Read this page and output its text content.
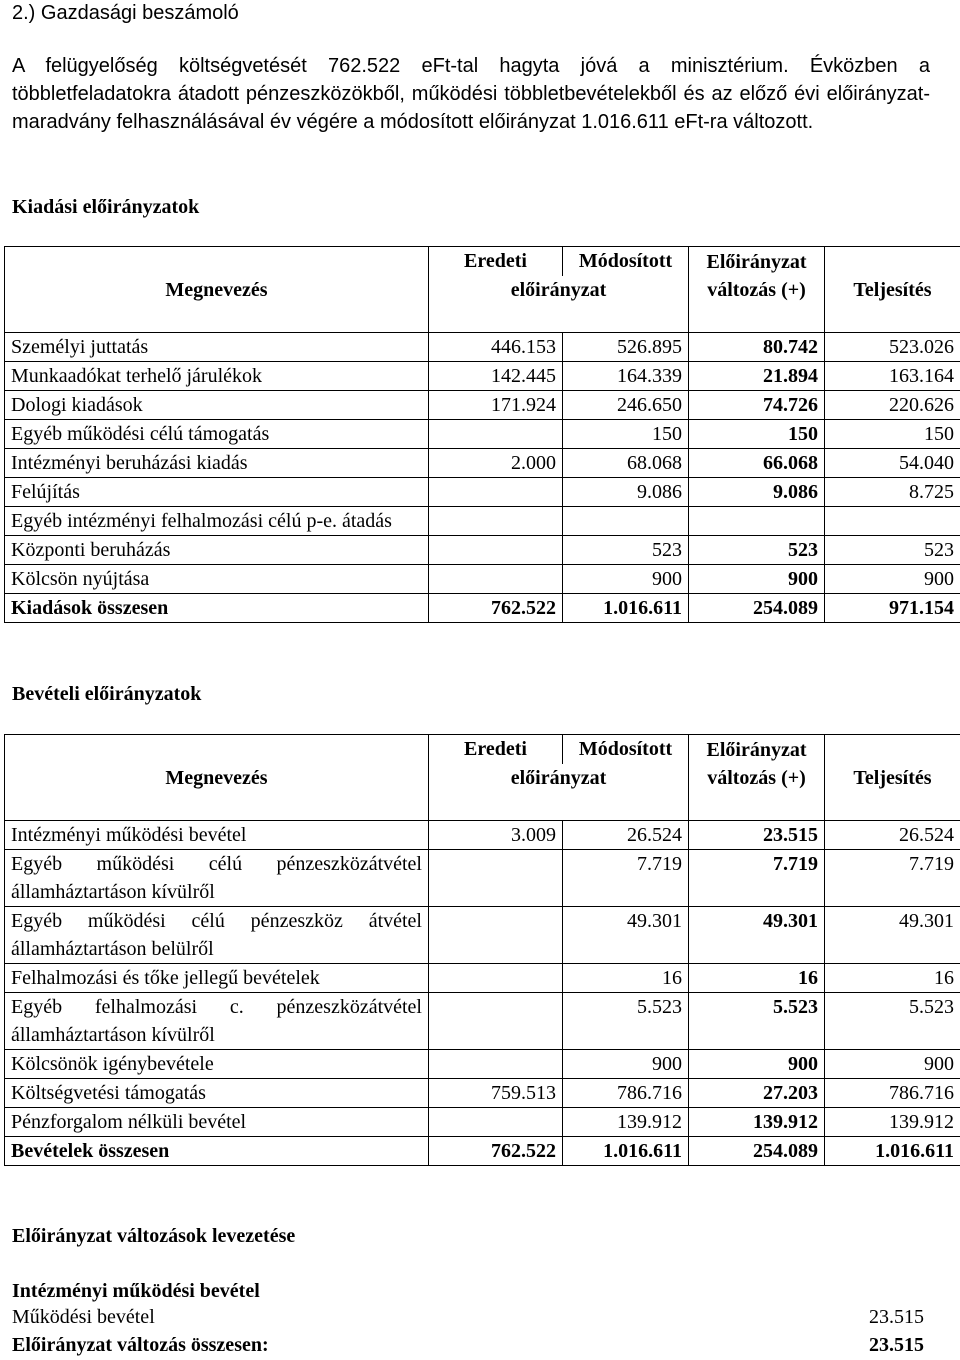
2.) Gazdasági beszámoló
A felügyelőség költségvetését 762.522 eFt-tal hagyta jóvá a minisztérium. Évközben a többletfeladatokra átadott pénzeszközökből, működési többletbevételekből és az előző évi előirányzat-maradvány felhasználásával év végére a módosított előirányzat 1.016.611 eFt-ra változott.
Kiadási előirányzatok
Megnevezés	Eredeti	Módosított	Előirányzat változás (+)	Teljesítés
	előirányzat			
Személyi juttatás	446.153	526.895	80.742	523.026
Munkaadókat terhelő járulékok	142.445	164.339	21.894	163.164
Dologi kiadások	171.924	246.650	74.726	220.626
Egyéb működési célú támogatás		150	150	150
Intézményi beruházási kiadás	2.000	68.068	66.068	54.040
Felújítás		9.086	9.086	8.725
Egyéb intézményi felhalmozási célú p-e. átadás				
Központi beruházás		523	523	523
Kölcsön nyújtása		900	900	900
Kiadások összesen	762.522	1.016.611	254.089	971.154
Bevételi előirányzatok
Megnevezés	Eredeti	Módosított	Előirányzat változás (+)	Teljesítés
	előirányzat			
Intézményi működési bevétel	3.009	26.524	23.515	26.524
Egyéb működési célú pénzeszközátvétel államháztartáson kívülről		7.719	7.719	7.719
Egyéb működési célú pénzeszköz átvétel államháztartáson belülről		49.301	49.301	49.301
Felhalmozási és tőke jellegű bevételek		16	16	16
Egyéb felhalmozási c. pénzeszközátvétel államháztartáson kívülről		5.523	5.523	5.523
Kölcsönök igénybevétele		900	900	900
Költségvetési támogatás	759.513	786.716	27.203	786.716
Pénzforgalom nélküli bevétel		139.912	139.912	139.912
Bevételek összesen	762.522	1.016.611	254.089	1.016.611
Előirányzat változások levezetése
Intézményi működési bevétel
Működési bevétel	23.515
Előirányzat változás összesen:	23.515
